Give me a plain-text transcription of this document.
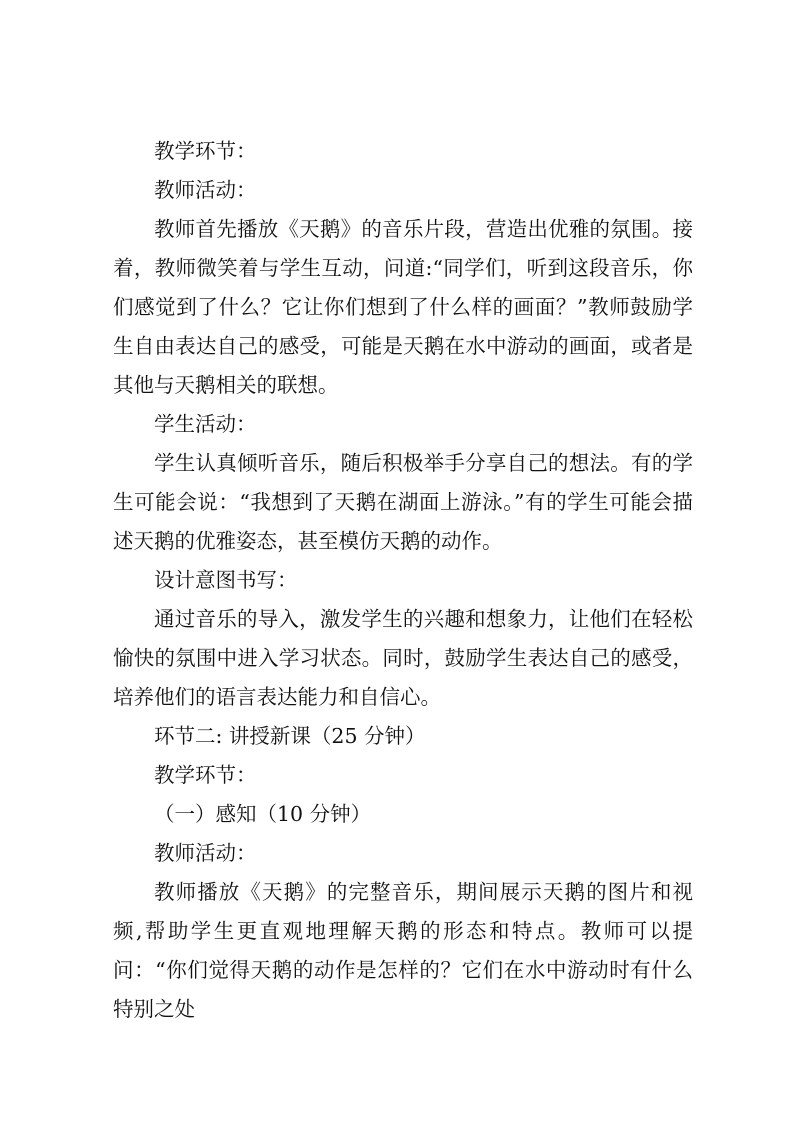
教学环节：

教师活动：

教师首先播放《天鹅》的音乐片段，营造出优雅的氛围。接着，教师微笑着与学生互动，问道:“同学们，听到这段音乐，你们感觉到了什么？它让你们想到了什么样的画面？”教师鼓励学生自由表达自己的感受，可能是天鹅在水中游动的画面，或者是其他与天鹅相关的联想。

学生活动：

学生认真倾听音乐，随后积极举手分享自己的想法。有的学生可能会说：“我想到了天鹅在湖面上游泳。”有的学生可能会描述天鹅的优雅姿态，甚至模仿天鹅的动作。

设计意图书写：

通过音乐的导入，激发学生的兴趣和想象力，让他们在轻松愉快的氛围中进入学习状态。同时，鼓励学生表达自己的感受，培养他们的语言表达能力和自信心。

环节二: 讲授新课（25 分钟）

教学环节：

（一）感知（10 分钟）

教师活动：

教师播放《天鹅》的完整音乐，期间展示天鹅的图片和视频,帮助学生更直观地理解天鹅的形态和特点。教师可以提问：“你们觉得天鹅的动作是怎样的？它们在水中游动时有什么特别之处
